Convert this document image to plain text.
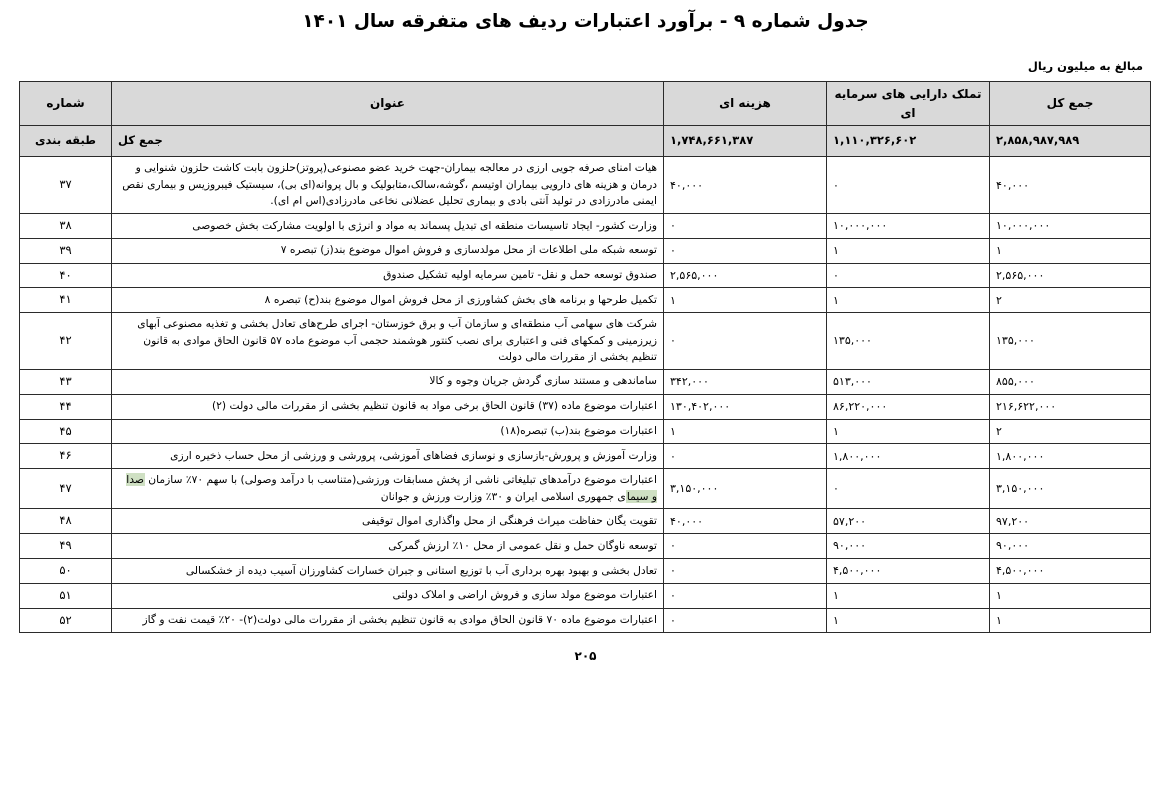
جدول شماره ۹ - برآورد اعتبارات ردیف های متفرقه سال ۱۴۰۱
مبالغ به میلیون ریال
جمع کل	تملک دارایی های سرمایه ای	هزینه ای	عنوان	شماره
۲,۸۵۸,۹۸۷,۹۸۹	۱,۱۱۰,۳۲۶,۶۰۲	۱,۷۴۸,۶۶۱,۳۸۷	جمع کل	طبقه بندی
۴۰,۰۰۰	۰	۴۰,۰۰۰	هیات امنای صرفه جویی ارزی در معالجه بیماران-جهت خرید عضو مصنوعی(پروتز)حلزون بابت کاشت حلزون شنوایی و درمان و هزینه های دارویی بیماران اوتیسم ،گوشه،سالک،متابولیک و بال پروانه(ای بی)، سیستیک فیبروزیس و بیماری نقص ایمنی مادرزادی در تولید آنتی بادی و بیماری تحلیل عضلانی نخاعی مادرزادی(اس ام ای).	۳۷
۱۰,۰۰۰,۰۰۰	۱۰,۰۰۰,۰۰۰	۰	وزارت کشور- ایجاد تاسیسات منطقه ای تبدیل پسماند به مواد و انرژی با اولویت مشارکت بخش خصوصی	۳۸
۱	۱	۰	توسعه شبکه ملی اطلاعات از محل مولدسازی و فروش اموال موضوع بند(ز) تبصره ۷	۳۹
۲,۵۶۵,۰۰۰	۰	۲,۵۶۵,۰۰۰	صندوق توسعه حمل و نقل- تامین سرمایه اولیه تشکیل صندوق	۴۰
۲	۱	۱	تکمیل طرحها و برنامه های بخش کشاورزی از محل فروش اموال موضوع بند(ح) تبصره ۸	۴۱
۱۳۵,۰۰۰	۱۳۵,۰۰۰	۰	شرکت های سهامی آب منطقه‌ای و سازمان آب و برق خوزستان- اجرای طرح‌های تعادل بخشی و تغذیه مصنوعی آبهای زیرزمینی و کمکهای فنی و اعتباری برای نصب کنتور هوشمند حجمی آب موضوع ماده ۵۷ قانون الحاق موادی به قانون تنظیم بخشی از مقررات مالی دولت	۴۲
۸۵۵,۰۰۰	۵۱۳,۰۰۰	۳۴۲,۰۰۰	ساماندهی و مستند سازی گردش جریان وجوه و کالا	۴۳
۲۱۶,۶۲۲,۰۰۰	۸۶,۲۲۰,۰۰۰	۱۳۰,۴۰۲,۰۰۰	اعتبارات موضوع ماده (۳۷) قانون الحاق برخی مواد به قانون تنظیم بخشی از مقررات مالی دولت (۲)	۴۴
۲	۱	۱	اعتبارات موضوع بند(ب) تبصره(۱۸)	۴۵
۱,۸۰۰,۰۰۰	۱,۸۰۰,۰۰۰	۰	وزارت آموزش و پرورش-بازسازی و نوسازی فضاهای آموزشی، پرورشی و ورزشی از محل حساب ذخیره ارزی	۴۶
۳,۱۵۰,۰۰۰	۰	۳,۱۵۰,۰۰۰	اعتبارات موضوع درآمدهای تبلیغاتی ناشی از پخش مسابقات ورزشی(متناسب با درآمد وصولی) با سهم ۷۰٪ سازمان صدا و سیمای جمهوری اسلامی ایران و ۳۰٪ وزارت ورزش و جوانان	۴۷
۹۷,۲۰۰	۵۷,۲۰۰	۴۰,۰۰۰	تقویت یگان حفاظت میراث فرهنگی از محل واگذاری اموال توقیفی	۴۸
۹۰,۰۰۰	۹۰,۰۰۰	۰	توسعه ناوگان حمل و نقل عمومی از محل ۱۰٪ ارزش گمرکی	۴۹
۴,۵۰۰,۰۰۰	۴,۵۰۰,۰۰۰	۰	تعادل بخشی و بهبود بهره برداری آب با توزیع استانی و جبران خسارات کشاورزان آسیب دیده از خشکسالی	۵۰
۱	۱	۰	اعتبارات موضوع مولد سازی و فروش اراضی و املاک دولتی	۵۱
۱	۱	۰	اعتبارات موضوع ماده ۷۰ قانون الحاق موادی به قانون تنظیم بخشی از مقررات مالی دولت(۲)- ۲۰٪ قیمت نفت و گاز	۵۲
۲۰۵
